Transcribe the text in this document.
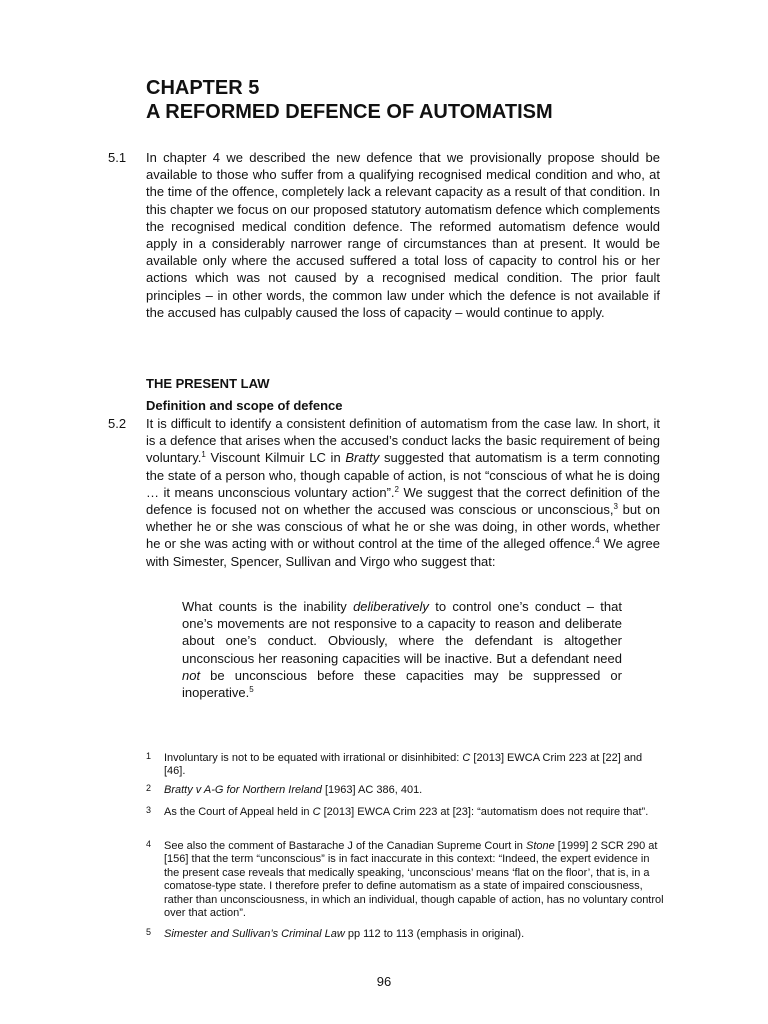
CHAPTER 5
A REFORMED DEFENCE OF AUTOMATISM
5.1 In chapter 4 we described the new defence that we provisionally propose should be available to those who suffer from a qualifying recognised medical condition and who, at the time of the offence, completely lack a relevant capacity as a result of that condition. In this chapter we focus on our proposed statutory automatism defence which complements the recognised medical condition defence. The reformed automatism defence would apply in a considerably narrower range of circumstances than at present. It would be available only where the accused suffered a total loss of capacity to control his or her actions which was not caused by a recognised medical condition. The prior fault principles – in other words, the common law under which the defence is not available if the accused has culpably caused the loss of capacity – would continue to apply.
THE PRESENT LAW
Definition and scope of defence
5.2 It is difficult to identify a consistent definition of automatism from the case law. In short, it is a defence that arises when the accused’s conduct lacks the basic requirement of being voluntary.$^1$ Viscount Kilmuir LC in Bratty suggested that automatism is a term connoting the state of a person who, though capable of action, is not “conscious of what he is doing … it means unconscious voluntary action”.$^2$ We suggest that the correct definition of the defence is focused not on whether the accused was conscious or unconscious,$^3$ but on whether he or she was conscious of what he or she was doing, in other words, whether he or she was acting with or without control at the time of the alleged offence.$^4$ We agree with Simester, Spencer, Sullivan and Virgo who suggest that:
What counts is the inability deliberatively to control one’s conduct – that one’s movements are not responsive to a capacity to reason and deliberate about one’s conduct. Obviously, where the defendant is altogether unconscious her reasoning capacities will be inactive. But a defendant need not be unconscious before these capacities may be suppressed or inoperative.$^5$
1 Involuntary is not to be equated with irrational or disinhibited: C [2013] EWCA Crim 223 at [22] and [46].
2 Bratty v A-G for Northern Ireland [1963] AC 386, 401.
3 As the Court of Appeal held in C [2013] EWCA Crim 223 at [23]: “automatism does not require that”.
4 See also the comment of Bastarache J of the Canadian Supreme Court in Stone [1999] 2 SCR 290 at [156] that the term “unconscious” is in fact inaccurate in this context: “Indeed, the expert evidence in the present case reveals that medically speaking, ‘unconscious’ means ‘flat on the floor’, that is, in a comatose-type state. I therefore prefer to define automatism as a state of impaired consciousness, rather than unconsciousness, in which an individual, though capable of action, has no voluntary control over that action”.
5 Simester and Sullivan’s Criminal Law pp 112 to 113 (emphasis in original).
96
